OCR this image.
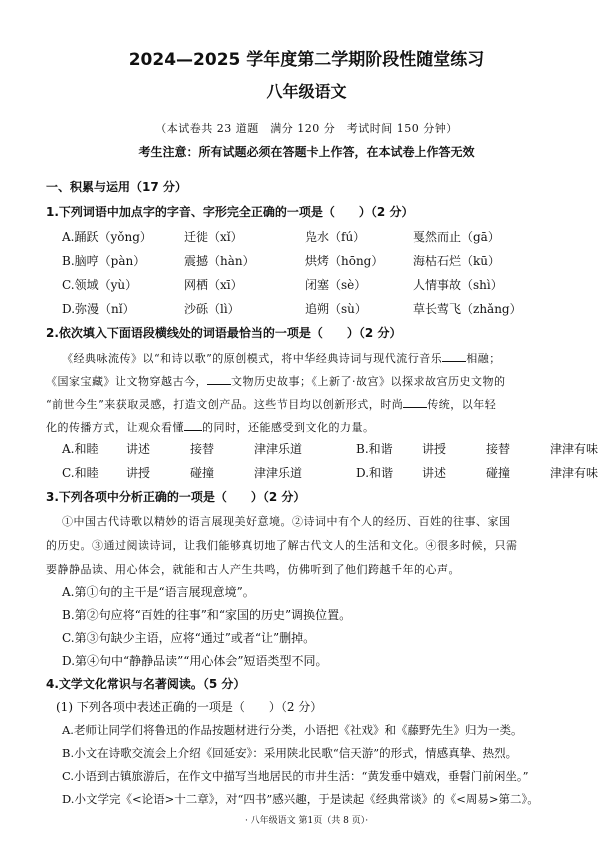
2024—2025 学年度第二学期阶段性随堂练习
八年级语文
（本试卷共 23 道题　满分 120 分　考试时间 150 分钟）
考生注意：所有试题必须在答题卡上作答，在本试卷上作答无效
一、积累与运用（17 分）
1.下列词语中加点字的字音、字形完全正确的一项是（　　）（2 分）
A.踊跃（yǒng）	迁徙（xǐ）	凫水（fú）	戛然而止（gā）
B.脑哼（pàn）	震撼（hàn）	烘烤（hōng）	海枯石烂（kū）
C.领域（yù）	网栖（xī）	闭塞（sè）	人情事故（shì）
D.弥漫（nǐ）	沙砾（lì）	追朔（sù）	草长莺飞（zhǎng）
2.依次填入下面语段横线处的词语最恰当的一项是（　　）（2 分）
《经典咏流传》以“和诗以歌”的原创模式，将中华经典诗词与现代流行音乐 相融；
《国家宝藏》让文物穿越古今， 文物历史故事；《上新了·故宫》以探求故宫历史文物的
“前世今生”来获取灵感，打造文创产品。这些节目均以创新形式，时尚 传统，以年轻
化的传播方式，让观众看懂 的同时，还能感受到文化的力量。
A.和睦	讲述	接替	津津乐道	B.和谐	讲授	接替	津津有味
C.和睦	讲授	碰撞	津津乐道	D.和谐	讲述	碰撞	津津有味
3.下列各项中分析正确的一项是（　　）（2 分）
①中国古代诗歌以精妙的语言展现美好意境。②诗词中有个人的经历、百姓的往事、家国
的历史。③通过阅读诗词，让我们能够真切地了解古代文人的生活和文化。④很多时候，只需
要静静品读、用心体会，就能和古人产生共鸣，仿佛听到了他们跨越千年的心声。
A.第①句的主干是“语言展现意境”。
B.第②句应将“百姓的往事”和“家国的历史”调换位置。
C.第③句缺少主语，应将“通过”或者“让”删掉。
D.第④句中“静静品读”“用心体会”短语类型不同。
4.文学文化常识与名著阅读。（5 分）
(1) 下列各项中表述正确的一项是（　　）（2 分）
A.老师让同学们将鲁迅的作品按题材进行分类，小语把《社戏》和《藤野先生》归为一类。
B.小文在诗歌交流会上介绍《回延安》：采用陕北民歌“信天游”的形式，情感真挚、热烈。
C.小语到古镇旅游后，在作文中描写当地居民的市井生活：“黄发垂中嬉戏，垂髫门前闲坐。”
D.小文学完《<论语>十二章》，对“四书”感兴趣，于是读起《经典常谈》的《<周易>第二》。
· 八年级语文 第1页（共 8 页）·
